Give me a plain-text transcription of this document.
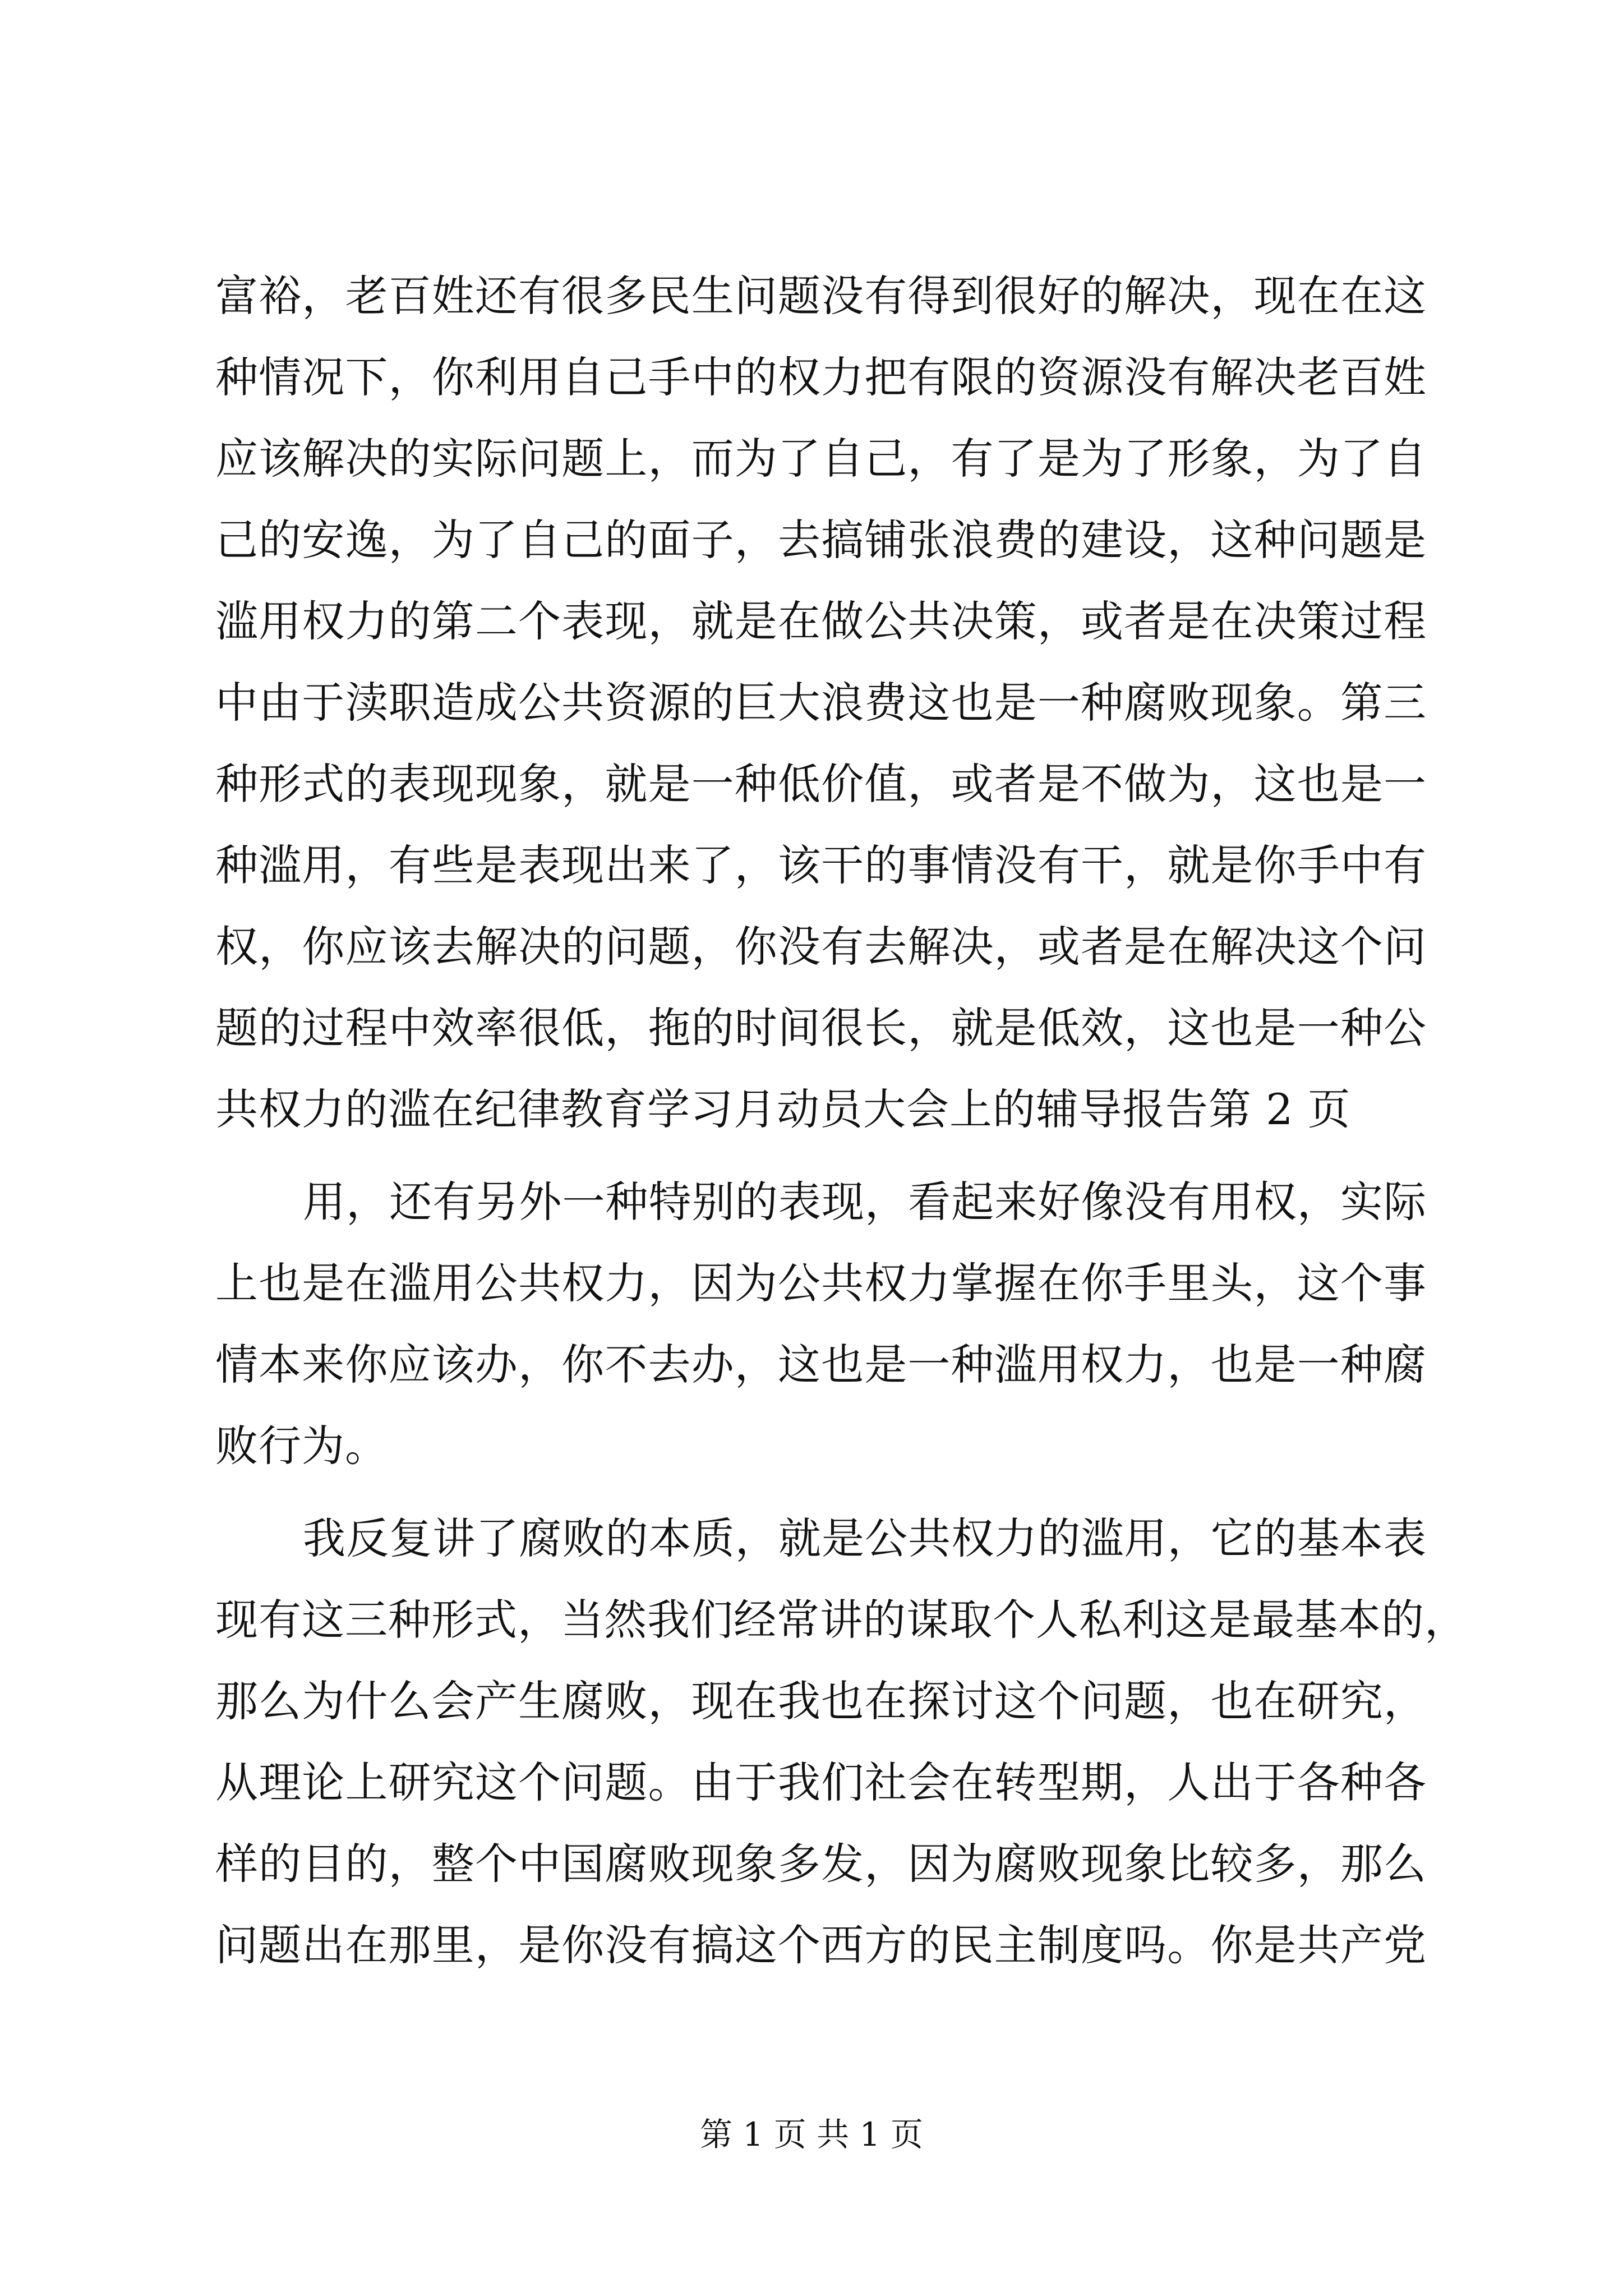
富裕，老百姓还有很多民生问题没有得到很好的解决，现在在这
种情况下，你利用自己手中的权力把有限的资源没有解决老百姓
应该解决的实际问题上，而为了自己，有了是为了形象，为了自
己的安逸，为了自己的面子，去搞铺张浪费的建设，这种问题是
滥用权力的第二个表现，就是在做公共决策，或者是在决策过程
中由于渎职造成公共资源的巨大浪费这也是一种腐败现象。第三
种形式的表现现象，就是一种低价值，或者是不做为，这也是一
种滥用，有些是表现出来了，该干的事情没有干，就是你手中有
权，你应该去解决的问题，你没有去解决，或者是在解决这个问
题的过程中效率很低，拖的时间很长，就是低效，这也是一种公
共权力的滥在纪律教育学习月动员大会上的辅导报告第 2 页
用，还有另外一种特别的表现，看起来好像没有用权，实际
上也是在滥用公共权力，因为公共权力掌握在你手里头，这个事
情本来你应该办，你不去办，这也是一种滥用权力，也是一种腐
败行为。
我反复讲了腐败的本质，就是公共权力的滥用，它的基本表
现有这三种形式，当然我们经常讲的谋取个人私利这是最基本的，
那么为什么会产生腐败，现在我也在探讨这个问题，也在研究，
从理论上研究这个问题。由于我们社会在转型期，人出于各种各
样的目的，整个中国腐败现象多发，因为腐败现象比较多，那么
问题出在那里，是你没有搞这个西方的民主制度吗。你是共产党
第 1 页 共 1 页
